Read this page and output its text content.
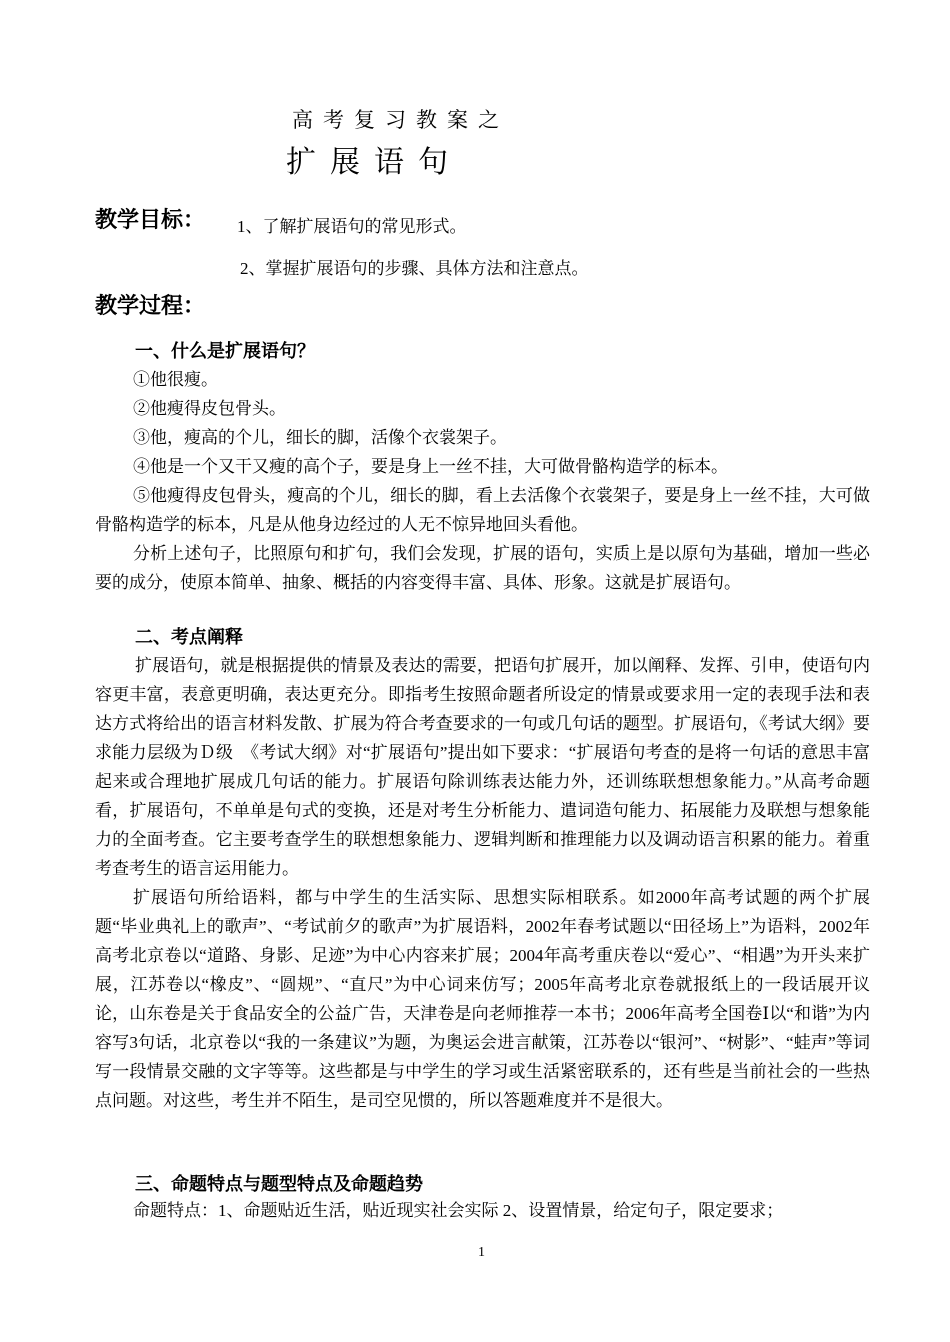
高考复习教案之
扩展语句
教学目标： 1、了解扩展语句的常见形式。
2、掌握扩展语句的步骤、具体方法和注意点。
教学过程：
一、什么是扩展语句？

①他很瘦。

②他瘦得皮包骨头。

③他，瘦高的个儿，细长的脚，活像个衣裳架子。

④他是一个又干又瘦的高个子，要是身上一丝不挂，大可做骨骼构造学的标本。

⑤他瘦得皮包骨头，瘦高的个儿，细长的脚，看上去活像个衣裳架子，要是身上一丝不挂，大可做骨骼构造学的标本，凡是从他身边经过的人无不惊异地回头看他。

分析上述句子，比照原句和扩句，我们会发现，扩展的语句，实质上是以原句为基础，增加一些必要的成分，使原本简单、抽象、概括的内容变得丰富、具体、形象。这就是扩展语句。

二、考点阐释

扩展语句，就是根据提供的情景及表达的需要，把语句扩展开，加以阐释、发挥、引申，使语句内容更丰富，表意更明确，表达更充分。即指考生按照命题者所设定的情景或要求用一定的表现手法和表达方式将给出的语言材料发散、扩展为符合考查要求的一句或几句话的题型。扩展语句，《考试大纲》要求能力层级为Ｄ级　《考试大纲》对“扩展语句”提出如下要求：“扩展语句考查的是将一句话的意思丰富起来或合理地扩展成几句话的能力。扩展语句除训练表达能力外，还训练联想想象能力。”从高考命题看，扩展语句，不单单是句式的变换，还是对考生分析能力、遣词造句能力、拓展能力及联想与想象能力的全面考查。它主要考查学生的联想想象能力、逻辑判断和推理能力以及调动语言积累的能力。着重考查考生的语言运用能力。

扩展语句所给语料，都与中学生的生活实际、思想实际相联系。如2000年高考试题的两个扩展题“毕业典礼上的歌声”、“考试前夕的歌声”为扩展语料，2002年春考试题以“田径场上”为语料，2002年高考北京卷以“道路、身影、足迹”为中心内容来扩展；2004年高考重庆卷以“爱心”、“相遇”为开头来扩展，江苏卷以“橡皮”、“圆规”、“直尺”为中心词来仿写；2005年高考北京卷就报纸上的一段话展开议论，山东卷是关于食品安全的公益广告，天津卷是向老师推荐一本书；2006年高考全国卷Ⅰ以“和谐”为内容写3句话，北京卷以“我的一条建议”为题，为奥运会进言献策，江苏卷以“银河”、“树影”、“蛙声”等词写一段情景交融的文字等等。这些都是与中学生的学习或生活紧密联系的，还有些是当前社会的一些热点问题。对这些，考生并不陌生，是司空见惯的，所以答题难度并不是很大。

三、命题特点与题型特点及命题趋势

命题特点：1、命题贴近生活，贴近现实社会实际 2、设置情景，给定句子，限定要求；

1
